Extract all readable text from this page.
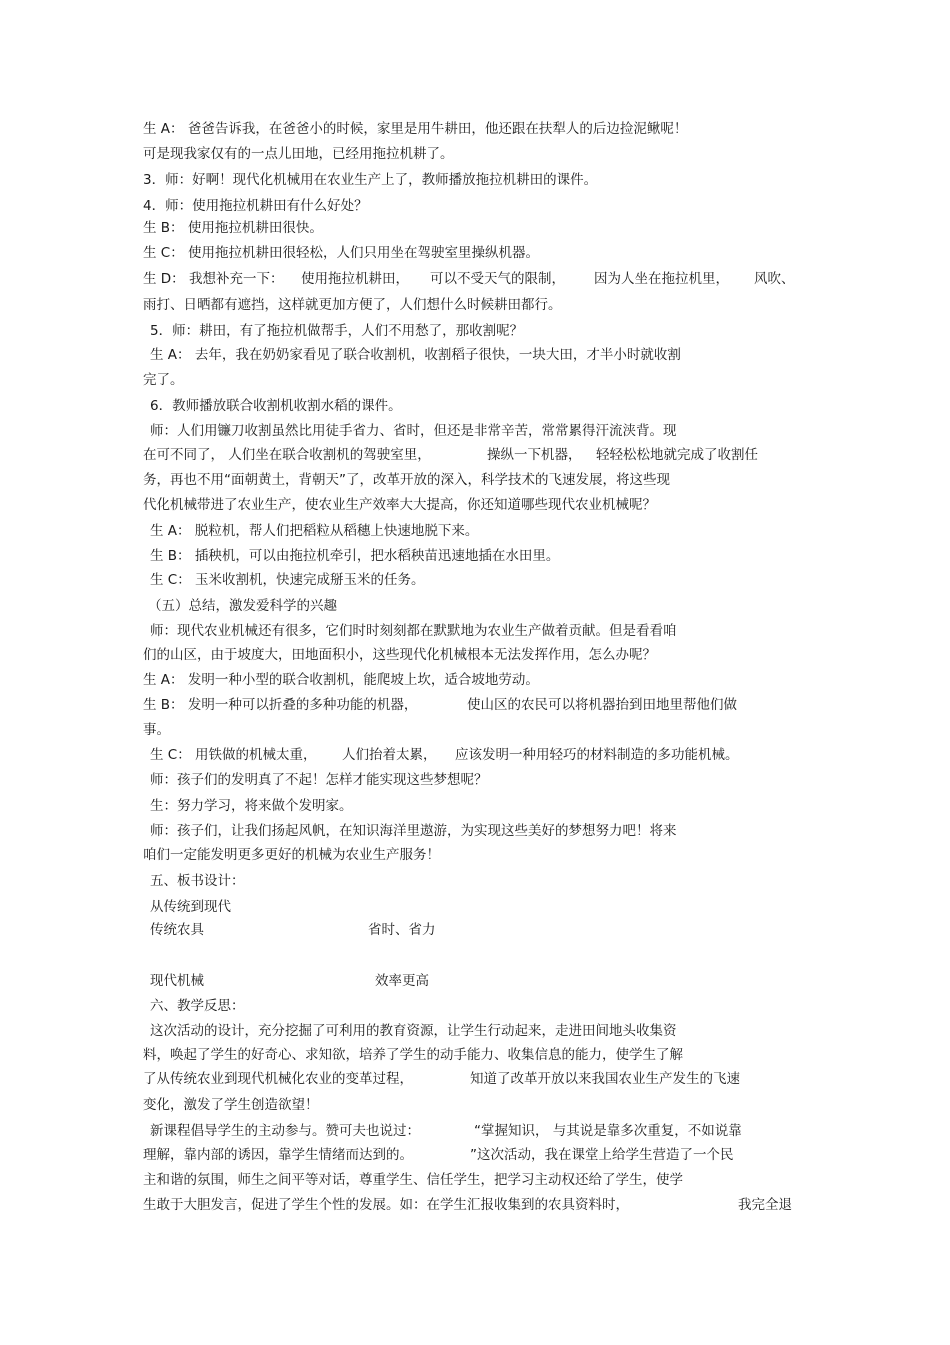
生 A： 爸爸告诉我，在爸爸小的时候，家里是用牛耕田，他还跟在扶犁人的后边捡泥鳅呢！
可是现我家仅有的一点儿田地，已经用拖拉机耕了。
3．师：好啊！现代化机械用在农业生产上了，教师播放拖拉机耕田的课件。
4．师：使用拖拉机耕田有什么好处？
生 B： 使用拖拉机耕田很快。
生 C： 使用拖拉机耕田很轻松，人们只用坐在驾驶室里操纵机器。
生 D： 我想补充一下： 使用拖拉机耕田， 可以不受天气的限制， 因为人坐在拖拉机里， 风吹、
雨打、日晒都有遮挡，这样就更加方便了，人们想什么时候耕田都行。
5．师：耕田，有了拖拉机做帮手，人们不用愁了，那收割呢？
生 A： 去年，我在奶奶家看见了联合收割机，收割稻子很快，一块大田，才半小时就收割
完了。
6．教师播放联合收割机收割水稻的课件。
师：人们用镰刀收割虽然比用徒手省力、省时，但还是非常辛苦，常常累得汗流浃背。现
在可不同了， 人们坐在联合收割机的驾驶室里，	操纵一下机器， 轻轻松松地就完成了收割任
务，再也不用“面朝黄土，背朝天”了，改革开放的深入，科学技术的飞速发展，将这些现
代化机械带进了农业生产，使农业生产效率大大提高，你还知道哪些现代农业机械呢？
生 A： 脱粒机，帮人们把稻粒从稻穗上快速地脱下来。
生 B： 插秧机，可以由拖拉机牵引，把水稻秧苗迅速地插在水田里。
生 C： 玉米收割机，快速完成掰玉米的任务。
（五）总结，激发爱科学的兴趣
师：现代农业机械还有很多，它们时时刻刻都在默默地为农业生产做着贡献。但是看看咱
们的山区，由于坡度大，田地面积小，这些现代化机械根本无法发挥作用，怎么办呢？
生 A： 发明一种小型的联合收割机，能爬坡上坎，适合坡地劳动。
生 B： 发明一种可以折叠的多种功能的机器，	使山区的农民可以将机器抬到田地里帮他们做
事。
生 C： 用铁做的机械太重， 人们抬着太累， 应该发明一种用轻巧的材料制造的多功能机械。
师：孩子们的发明真了不起！怎样才能实现这些梦想呢？
生：努力学习，将来做个发明家。
师：孩子们，让我们扬起风帆，在知识海洋里遨游，为实现这些美好的梦想努力吧！将来
咱们一定能发明更多更好的机械为农业生产服务！
五、板书设计：
从传统到现代
传统农具	省时、省力
现代机械	效率更高
六、教学反思：
这次活动的设计，充分挖掘了可利用的教育资源，让学生行动起来，走进田间地头收集资
料，唤起了学生的好奇心、求知欲，培养了学生的动手能力、收集信息的能力，使学生了解
了从传统农业到现代机械化农业的变革过程，	知道了改革开放以来我国农业生产发生的飞速
变化，激发了学生创造欲望！
新课程倡导学生的主动参与。赞可夫也说过：	“掌握知识， 与其说是靠多次重复，不如说靠
理解，靠内部的诱因，靠学生情绪而达到的。	”这次活动，我在课堂上给学生营造了一个民
主和谐的氛围，师生之间平等对话，尊重学生、信任学生，把学习主动权还给了学生，使学
生敢于大胆发言，促进了学生个性的发展。如：在学生汇报收集到的农具资料时，	我完全退
